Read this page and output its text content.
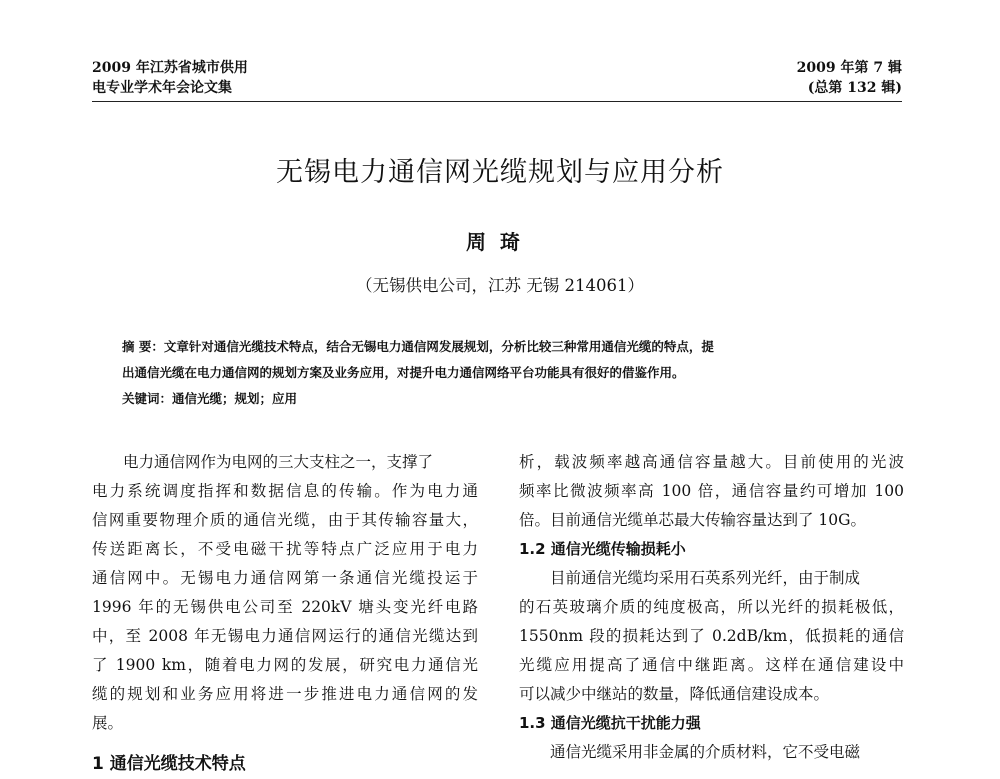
2009 年江苏省城市供用
电专业学术年会论文集
2009 年第 7 辑
(总第 132 辑)
无锡电力通信网光缆规划与应用分析
周琦
（无锡供电公司，江苏 无锡 214061）
摘 要：文章针对通信光缆技术特点，结合无锡电力通信网发展规划，分析比较三种常用通信光缆的特点，提
出通信光缆在电力通信网的规划方案及业务应用，对提升电力通信网络平台功能具有很好的借鉴作用。
关键词：通信光缆；规划；应用

电力通信网作为电网的三大支柱之一，支撑了

电力系统调度指挥和数据信息的传输。作为电力通

信网重要物理介质的通信光缆，由于其传输容量大，

传送距离长，不受电磁干扰等特点广泛应用于电力

通信网中。无锡电力通信网第一条通信光缆投运于

1996 年的无锡供电公司至 220kV 塘头变光纤电路

中，至 2008 年无锡电力通信网运行的通信光缆达到

了 1900 km，随着电力网的发展，研究电力通信光

缆的规划和业务应用将进一步推进电力通信网的发

展。

1 通信光缆技术特点

析，载波频率越高通信容量越大。目前使用的光波

频率比微波频率高 100 倍，通信容量约可增加 100

倍。目前通信光缆单芯最大传输容量达到了 10G。

1.2 通信光缆传输损耗小

目前通信光缆均采用石英系列光纤，由于制成

的石英玻璃介质的纯度极高，所以光纤的损耗极低，

1550nm 段的损耗达到了 0.2dB/km，低损耗的通信

光缆应用提高了通信中继距离。这样在通信建设中

可以减少中继站的数量，降低通信建设成本。

1.3 通信光缆抗干扰能力强

通信光缆采用非金属的介质材料，它不受电磁
